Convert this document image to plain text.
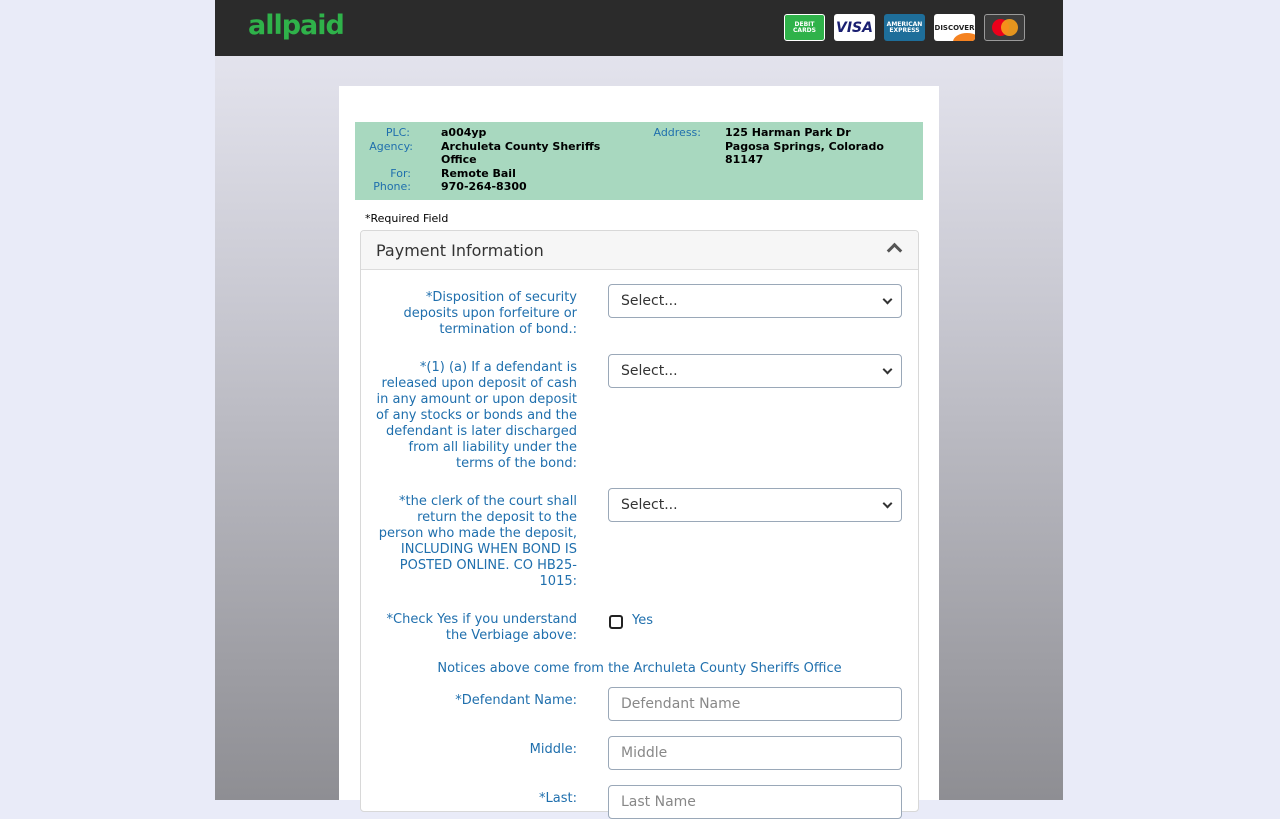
allpaid	DEBIT
CARDS VISA AMERICAN
EXPRESS DISCOVER
PLC:	a004yp
Agency:	Archuleta County Sheriffs
Office
For:	Remote Bail
Phone:	970-264-8300
Address: 125 Harman Park Dr
Pagosa Springs, Colorado
81147
*Required Field
Payment Information
*Disposition of security deposits upon forfeiture or termination of bond.:
Select...
*(1) (a) If a defendant is released upon deposit of cash in any amount or upon deposit of any stocks or bonds and the defendant is later discharged from all liability under the terms of the bond:
Select...
*the clerk of the court shall return the deposit to the person who made the deposit, INCLUDING WHEN BOND IS POSTED ONLINE. CO HB25-1015:
Select...
*Check Yes if you understand the Verbiage above:
Yes
Notices above come from the Archuleta County Sheriffs Office
*Defendant Name:	Defendant Name
Middle:	Middle
*Last:	Last Name
